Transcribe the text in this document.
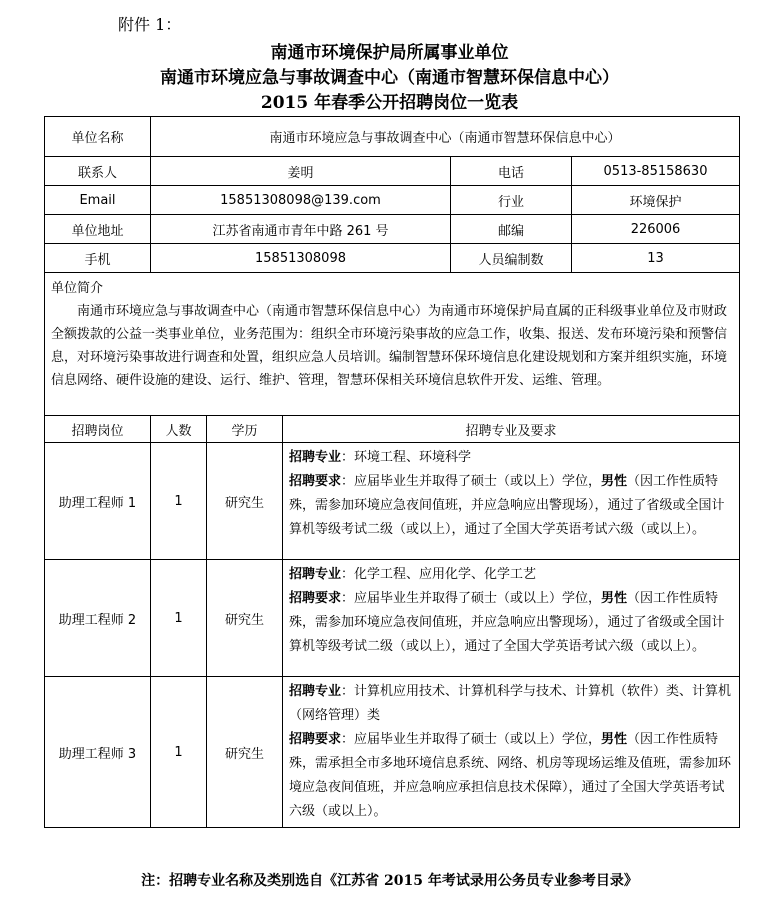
附件 1：
南通市环境保护局所属事业单位
南通市环境应急与事故调查中心（南通市智慧环保信息中心）
2015 年春季公开招聘岗位一览表
单位名称	南通市环境应急与事故调查中心（南通市智慧环保信息中心）				
联系人	姜明			电话	0513-85158630
Email	15851308098@139.com			行业	环境保护
单位地址	江苏省南通市青年中路 261 号			邮编	226006
手机	15851308098			人员编制数	13

单位简介
南通市环境应急与事故调查中心（南通市智慧环保信息中心）为南通市环境保护局直属的正科级事业单位及市财政全额拨款的公益一类事业单位，业务范围为：组织全市环境污染事故的应急工作，收集、报送、发布环境污染和预警信息，对环境污染事故进行调查和处置，组织应急人员培训。编制智慧环保环境信息化建设规划和方案并组织实施，环境信息网络、硬件设施的建设、运行、维护、管理，智慧环保相关环境信息软件开发、运维、管理。					

招聘岗位	人数	学历	招聘专业及要求		
助理工程师 1	1	研究生	招聘专业：环境工程、环境科学
招聘要求：应届毕业生并取得了硕士（或以上）学位，男性（因工作性质特殊，需参加环境应急夜间值班，并应急响应出警现场），通过了省级或全国计算机等级考试二级（或以上），通过了全国大学英语考试六级（或以上）。		
助理工程师 2	1	研究生	招聘专业：化学工程、应用化学、化学工艺
招聘要求：应届毕业生并取得了硕士（或以上）学位，男性（因工作性质特殊，需参加环境应急夜间值班，并应急响应出警现场），通过了省级或全国计算机等级考试二级（或以上），通过了全国大学英语考试六级（或以上）。		
助理工程师 3	1	研究生	招聘专业：计算机应用技术、计算机科学与技术、计算机（软件）类、计算机（网络管理）类
招聘要求：应届毕业生并取得了硕士（或以上）学位，男性（因工作性质特殊，需承担全市多地环境信息系统、网络、机房等现场运维及值班，需参加环境应急夜间值班，并应急响应承担信息技术保障），通过了全国大学英语考试六级（或以上）。		
注：招聘专业名称及类别选自《江苏省 2015 年考试录用公务员专业参考目录》
